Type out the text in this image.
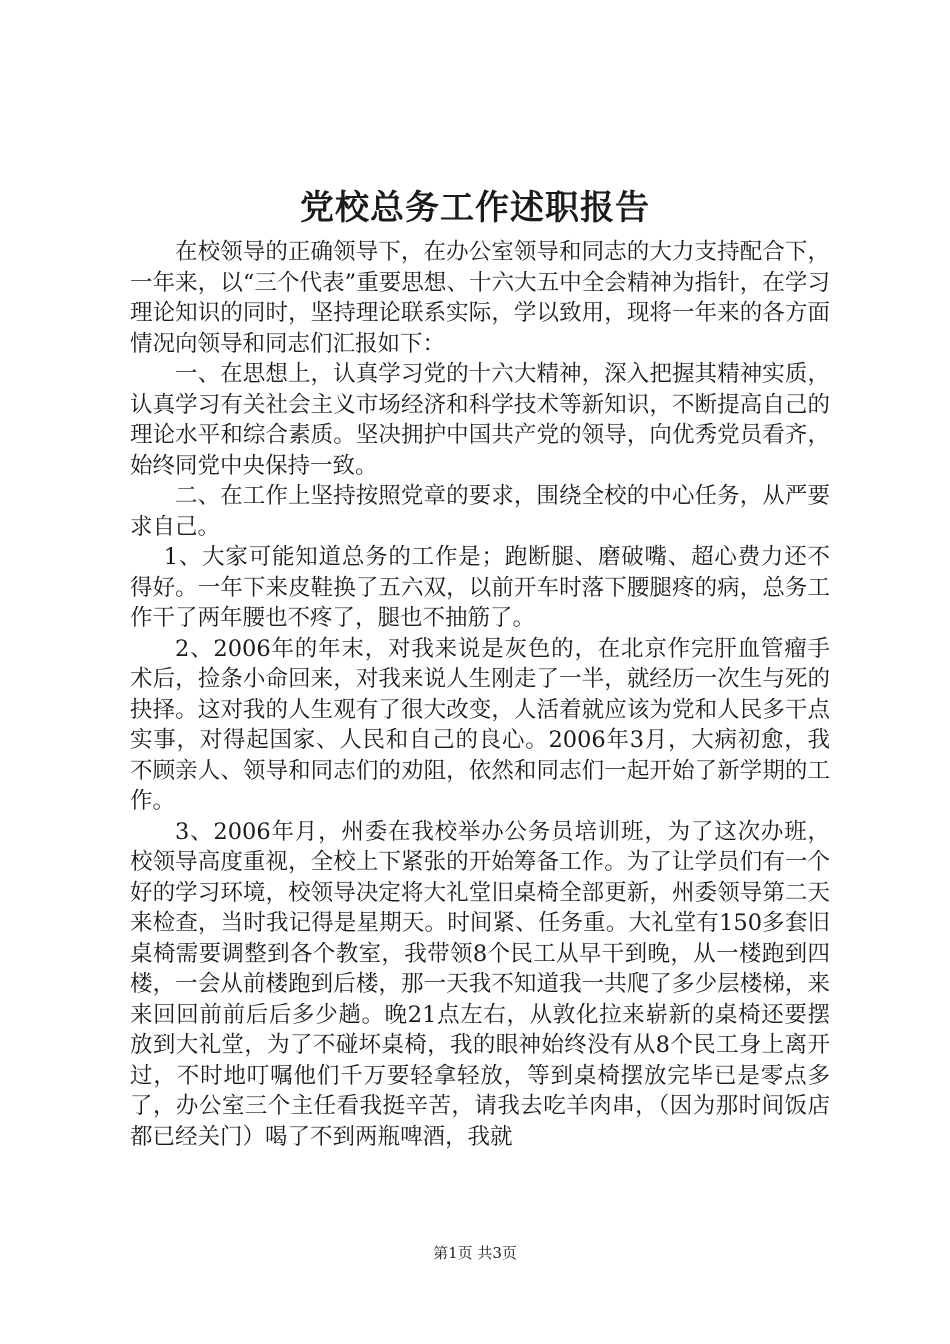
党校总务工作述职报告

在校领导的正确领导下，在办公室领导和同志的大力支持配合下，一年来，以“三个代表”重要思想、十六大五中全会精神为指针，在学习理论知识的同时，坚持理论联系实际，学以致用，现将一年来的各方面情况向领导和同志们汇报如下：

一、在思想上，认真学习党的十六大精神，深入把握其精神实质，认真学习有关社会主义市场经济和科学技术等新知识，不断提高自己的理论水平和综合素质。坚决拥护中国共产党的领导，向优秀党员看齐，始终同党中央保持一致。

二、在工作上坚持按照党章的要求，围绕全校的中心任务，从严要求自己。

1、大家可能知道总务的工作是；跑断腿、磨破嘴、超心费力还不得好。一年下来皮鞋换了五六双，以前开车时落下腰腿疼的病，总务工作干了两年腰也不疼了，腿也不抽筋了。

2、2006年的年末，对我来说是灰色的，在北京作完肝血管瘤手术后，捡条小命回来，对我来说人生刚走了一半，就经历一次生与死的抉择。这对我的人生观有了很大改变，人活着就应该为党和人民多干点实事，对得起国家、人民和自己的良心。2006年3月，大病初愈，我不顾亲人、领导和同志们的劝阻，依然和同志们一起开始了新学期的工作。

3、2006年月，州委在我校举办公务员培训班，为了这次办班，校领导高度重视，全校上下紧张的开始筹备工作。为了让学员们有一个好的学习环境，校领导决定将大礼堂旧桌椅全部更新，州委领导第二天来检查，当时我记得是星期天。时间紧、任务重。大礼堂有150多套旧桌椅需要调整到各个教室，我带领8个民工从早干到晚，从一楼跑到四楼，一会从前楼跑到后楼，那一天我不知道我一共爬了多少层楼梯，来来回回前前后后多少趟。晚21点左右，从敦化拉来崭新的桌椅还要摆放到大礼堂，为了不碰坏桌椅，我的眼神始终没有从8个民工身上离开过，不时地叮嘱他们千万要轻拿轻放，等到桌椅摆放完毕已是零点多了，办公室三个主任看我挺辛苦，请我去吃羊肉串，（因为那时间饭店都已经关门）喝了不到两瓶啤酒，我就

第1页 共3页
